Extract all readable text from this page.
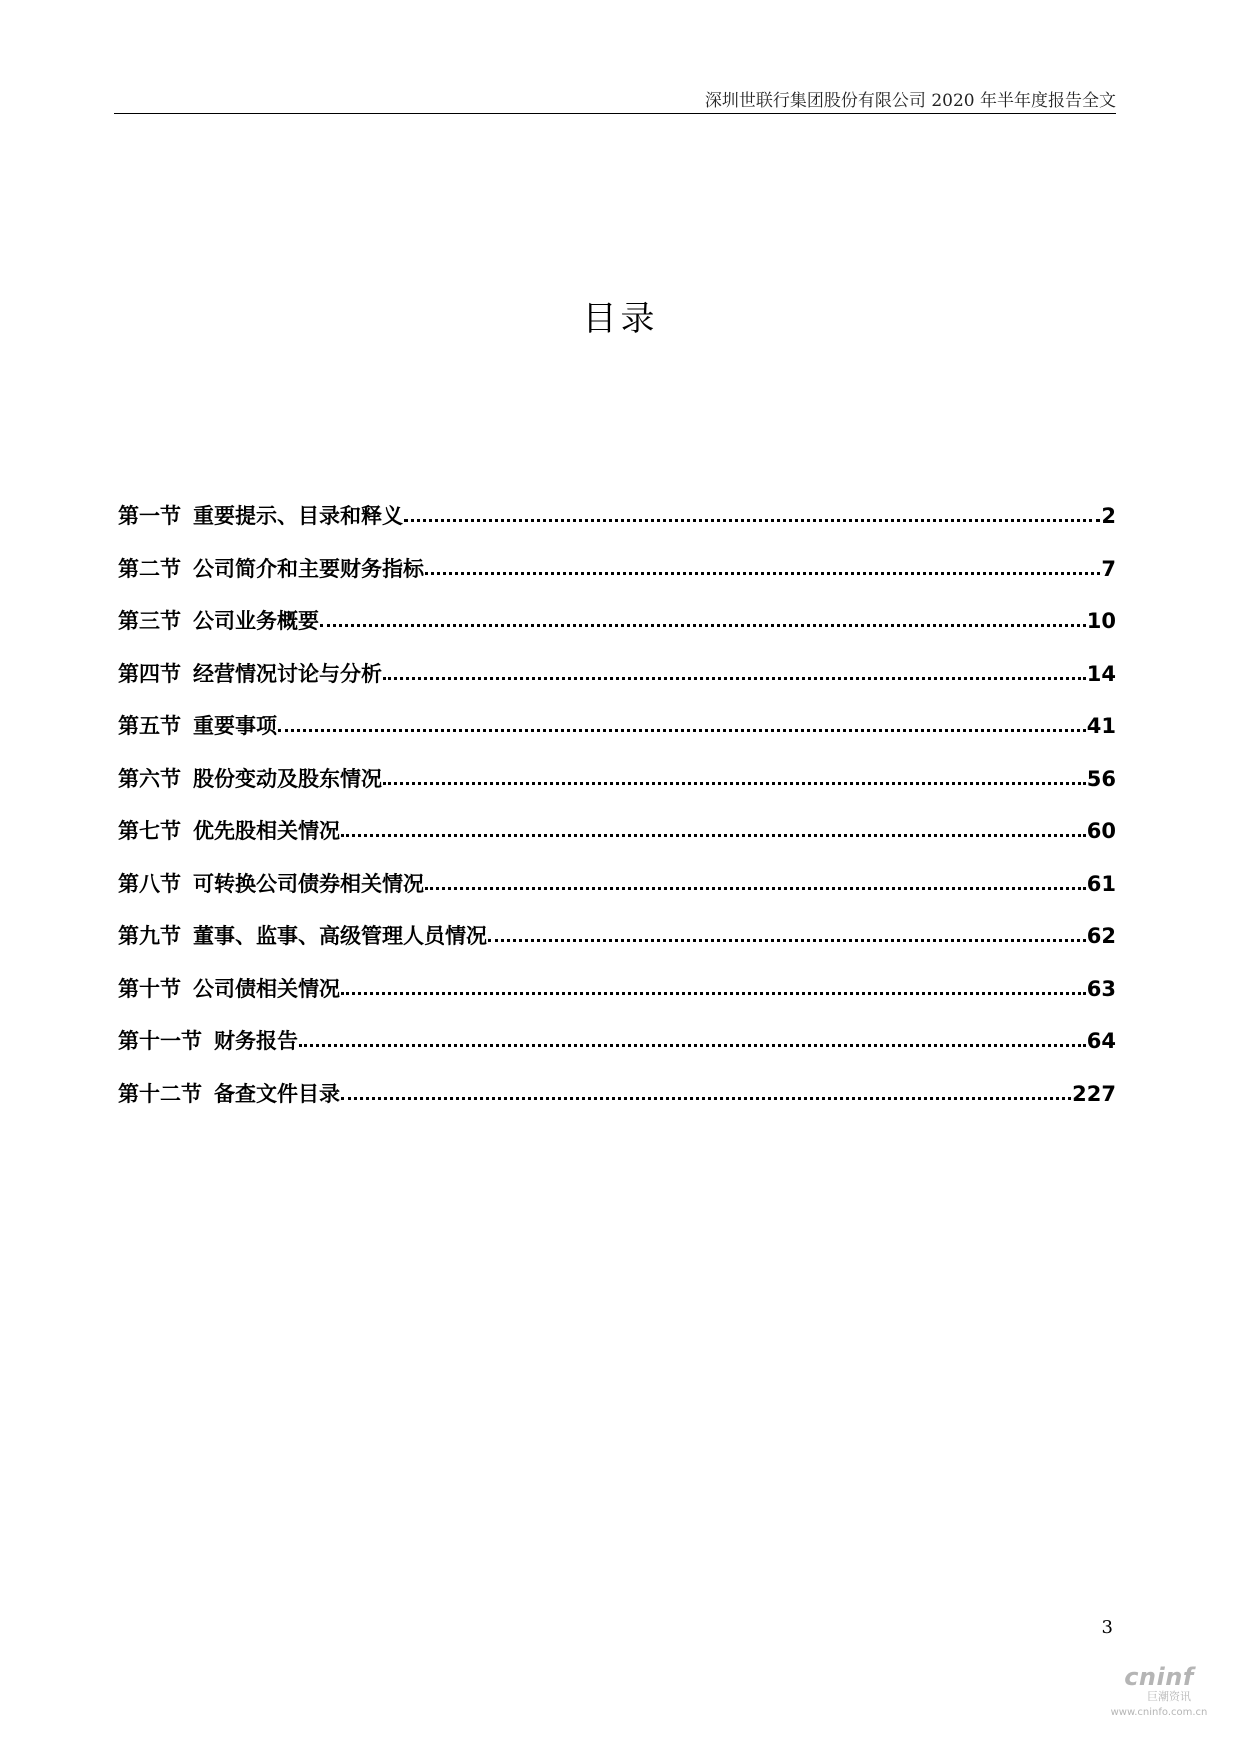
深圳世联行集团股份有限公司 2020 年半年度报告全文
目录
第一节 重要提示、目录和释义	2
第二节 公司简介和主要财务指标	7
第三节 公司业务概要	10
第四节 经营情况讨论与分析	14
第五节 重要事项	41
第六节 股份变动及股东情况	56
第七节 优先股相关情况	60
第八节 可转换公司债券相关情况	61
第九节 董事、监事、高级管理人员情况	62
第十节 公司债相关情况	63
第十一节 财务报告	64
第十二节 备查文件目录	227
3
cninf
巨潮资讯
www.cninfo.com.cn
